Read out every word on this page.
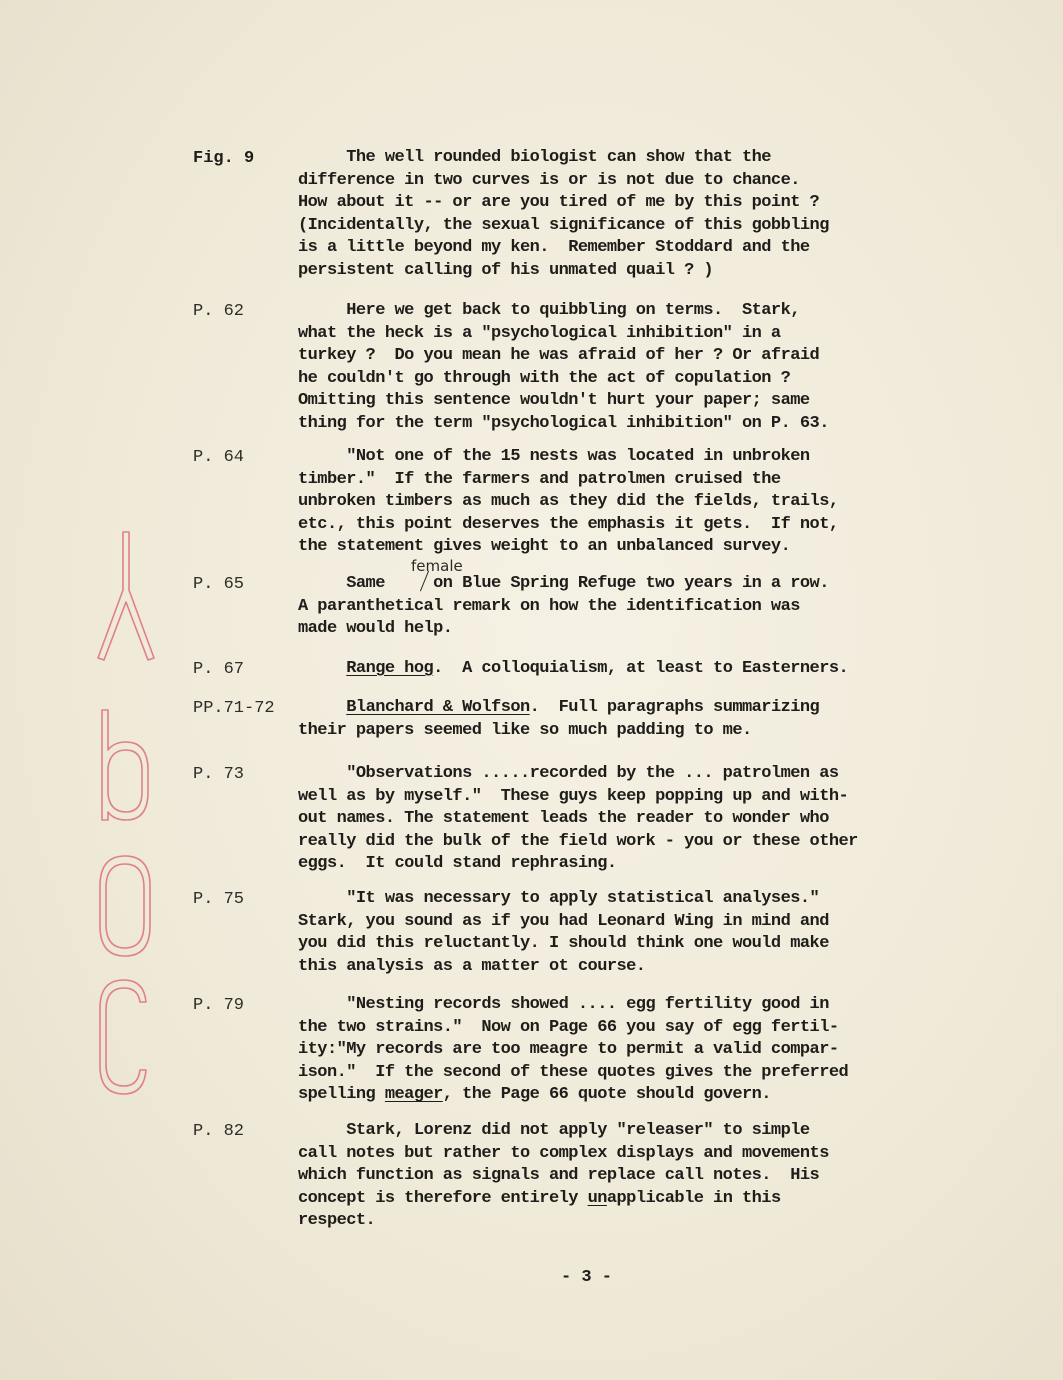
Fig. 9	The well rounded biologist can show that the
difference in two curves is or is not due to chance.
How about it -- or are you tired of me by this point ?
(Incidentally, the sexual significance of this gobbling
is a little beyond my ken.  Remember Stoddard and the
persistent calling of his unmated quail ? )
P. 62	Here we get back to quibbling on terms.  Stark,
what the heck is a "psychological inhibition" in a
turkey ?  Do you mean he was afraid of her ? Or afraid
he couldn't go through with the act of copulation ?
Omitting this sentence wouldn't hurt your paper; same
thing for the term "psychological inhibition" on P. 63.
P. 64	"Not one of the 15 nests was located in unbroken
timber."  If the farmers and patrolmen cruised the
unbroken timbers as much as they did the fields, trails,
etc., this point deserves the emphasis it gets.  If not,
the statement gives weight to an unbalanced survey.
female
P. 65	Same     on Blue Spring Refuge two years in a row.
A paranthetical remark on how the identification was
made would help.
P. 67	Range hog.  A colloquialism, at least to Easterners.
PP.71-72	Blanchard & Wolfson.  Full paragraphs summarizing
their papers seemed like so much padding to me.
P. 73	"Observations .....recorded by the ... patrolmen as
well as by myself."  These guys keep popping up and with-
out names. The statement leads the reader to wonder who
really did the bulk of the field work - you or these other
eggs.  It could stand rephrasing.
P. 75	"It was necessary to apply statistical analyses."
Stark, you sound as if you had Leonard Wing in mind and
you did this reluctantly. I should think one would make
this analysis as a matter ot course.
P. 79	"Nesting records showed .... egg fertility good in
the two strains."  Now on Page 66 you say of egg fertil-
ity:"My records are too meagre to permit a valid compar-
ison."  If the second of these quotes gives the preferred
spelling meager, the Page 66 quote should govern.
P. 82	Stark, Lorenz did not apply "releaser" to simple
call notes but rather to complex displays and movements
which function as signals and replace call notes.  His
concept is therefore entirely unapplicable in this
respect.
- 3 -
